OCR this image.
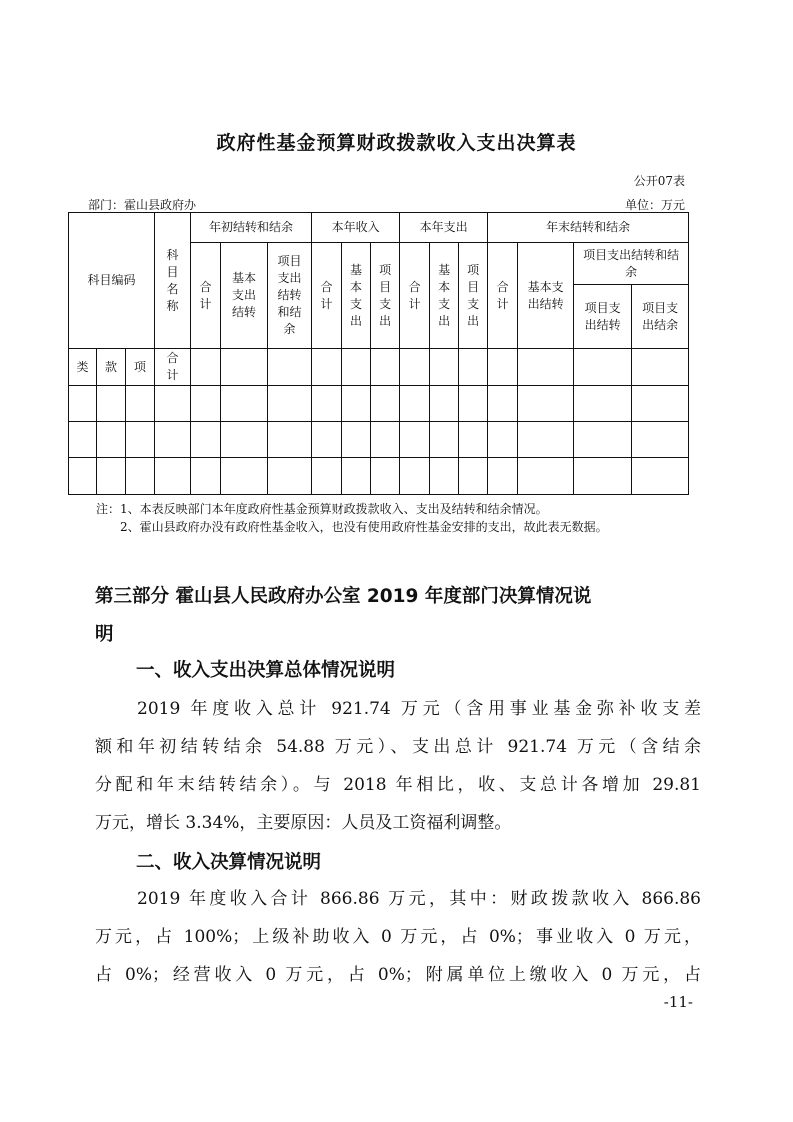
政府性基金预算财政拨款收入支出决算表
公开07表
部门：霍山县政府办	单位：万元
科目编码			科目名称	年初结转和结余			本年收入			本年支出			年末结转和结余			
				合计	基本支出结转	项目支出结转和结余	合计	基本支出	项目支出	合计	基本支出	项目支出	合计	基本支出结转	项目支出结转和结余	
															项目支出结转	项目支出结余
类	款	项	合计													

注：1、本表反映部门本年度政府性基金预算财政拨款收入、支出及结转和结余情况。
2、霍山县政府办没有政府性基金收入，也没有使用政府性基金安排的支出，故此表无数据。
第三部分 霍山县人民政府办公室 2019 年度部门决算情况说
明
一、收入支出决算总体情况说明
2019 年度收入总计 921.74 万元（含用事业基金弥补收支差
额和年初结转结余 54.88 万元）、支出总计 921.74 万元（含结余
分配和年末结转结余）。与 2018 年相比，收、支总计各增加 29.81
万元，增长 3.34%，主要原因：人员及工资福利调整。
二、收入决算情况说明
2019 年度收入合计 866.86 万元，其中：财政拨款收入 866.86
万元，占 100%；上级补助收入 0 万元，占 0%；事业收入 0 万元，
占 0%；经营收入 0 万元，占 0%；附属单位上缴收入 0 万元，占
-11-
